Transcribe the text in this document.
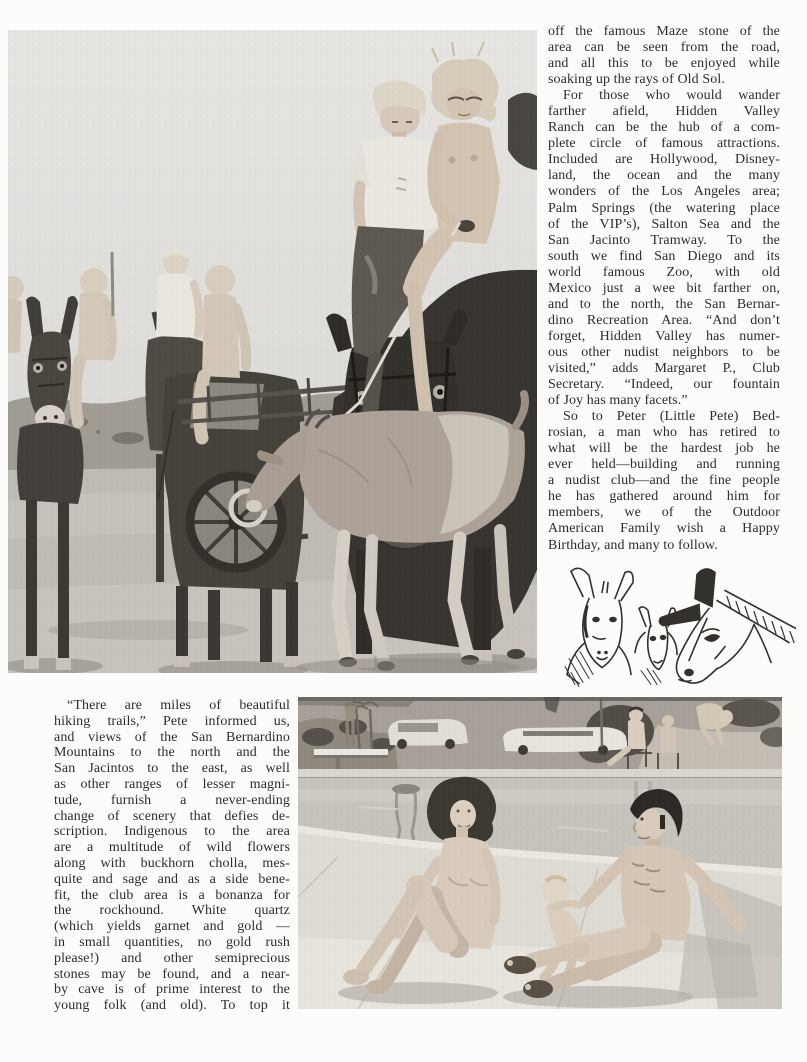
off the famous Maze stone of the
area can be seen from the road,
and all this to be enjoyed while
soaking up the rays of Old Sol.
For those who would wander
farther afield, Hidden Valley
Ranch can be the hub of a com-
plete circle of famous attractions.
Included are Hollywood, Disney-
land, the ocean and the many
wonders of the Los Angeles area;
Palm Springs (the watering place
of the VIP’s), Salton Sea and the
San Jacinto Tramway. To the
south we find San Diego and its
world famous Zoo, with old
Mexico just a wee bit farther on,
and to the north, the San Bernar-
dino Recreation Area. “And don’t
forget, Hidden Valley has numer-
ous other nudist neighbors to be
visited,” adds Margaret P., Club
Secretary. “Indeed, our fountain
of Joy has many facets.”
So to Peter (Little Pete) Bed-
rosian, a man who has retired to
what will be the hardest job he
ever held—building and running
a nudist club—and the fine people
he has gathered around him for
members, we of the Outdoor
American Family wish a Happy
Birthday, and many to follow.
“There are miles of beautiful
hiking trails,” Pete informed us,
and views of the San Bernardino
Mountains to the north and the
San Jacintos to the east, as well
as other ranges of lesser magni-
tude, furnish a never-ending
change of scenery that defies de-
scription. Indigenous to the area
are a multitude of wild flowers
along with buckhorn cholla, mes-
quite and sage and as a side bene-
fit, the club area is a bonanza for
the rockhound. White quartz
(which yields garnet and gold —
in small quantities, no gold rush
please!) and other semiprecious
stones may be found, and a near-
by cave is of prime interest to the
young folk (and old). To top it
